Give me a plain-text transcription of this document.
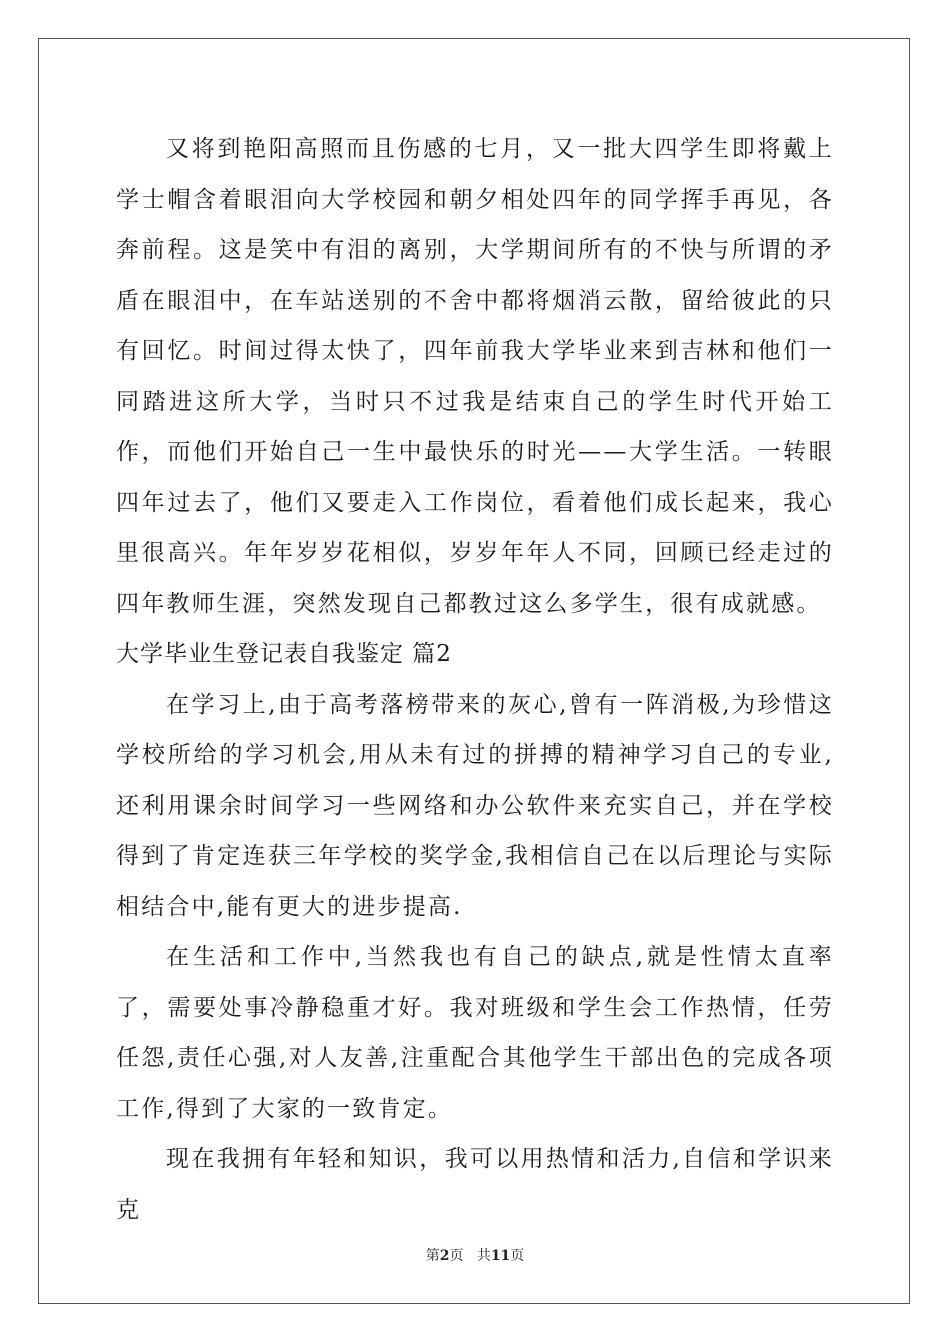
又将到艳阳高照而且伤感的七月，又一批大四学生即将戴上学士帽含着眼泪向大学校园和朝夕相处四年的同学挥手再见，各奔前程。这是笑中有泪的离别，大学期间所有的不快与所谓的矛盾在眼泪中，在车站送别的不舍中都将烟消云散，留给彼此的只有回忆。时间过得太快了，四年前我大学毕业来到吉林和他们一同踏进这所大学，当时只不过我是结束自己的学生时代开始工作，而他们开始自己一生中最快乐的时光——大学生活。一转眼四年过去了，他们又要走入工作岗位，看着他们成长起来，我心里很高兴。年年岁岁花相似，岁岁年年人不同，回顾已经走过的四年教师生涯，突然发现自己都教过这么多学生，很有成就感。

大学毕业生登记表自我鉴定 篇2

在学习上,由于高考落榜带来的灰心,曾有一阵消极,为珍惜这学校所给的学习机会,用从未有过的拼搏的精神学习自己的专业,还利用课余时间学习一些网络和办公软件来充实自己，并在学校得到了肯定连获三年学校的奖学金,我相信自己在以后理论与实际相结合中,能有更大的进步提高.

在生活和工作中,当然我也有自己的缺点,就是性情太直率了，需要处事冷静稳重才好。我对班级和学生会工作热情，任劳任怨,责任心强,对人友善,注重配合其他学生干部出色的完成各项工作,得到了大家的一致肯定。

现在我拥有年轻和知识，我可以用热情和活力,自信和学识来克

第2页 共11页
